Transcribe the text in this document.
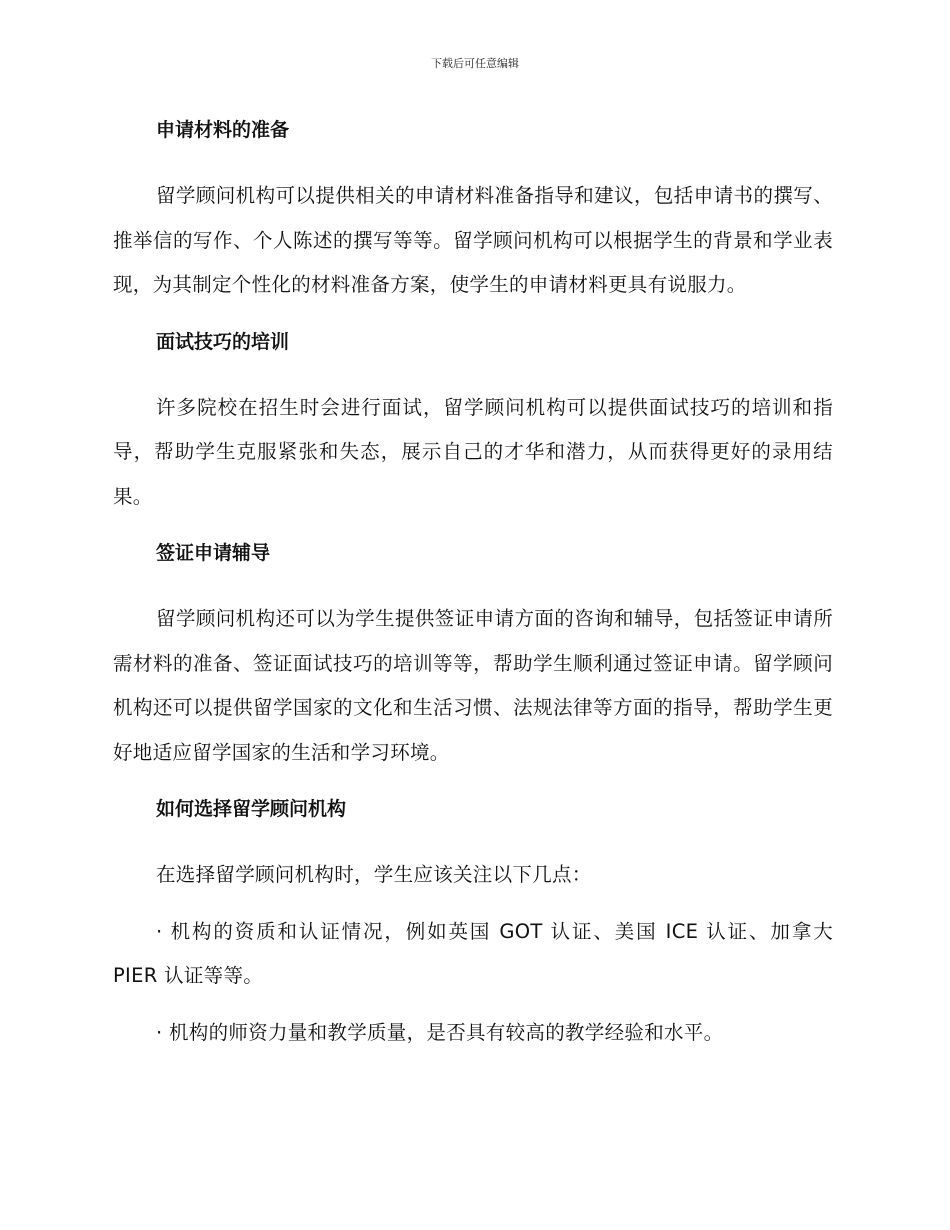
下载后可任意编辑
申请材料的准备

留学顾问机构可以提供相关的申请材料准备指导和建议，包括申请书的撰写、推举信的写作、个人陈述的撰写等等。留学顾问机构可以根据学生的背景和学业表现，为其制定个性化的材料准备方案，使学生的申请材料更具有说服力。

面试技巧的培训

许多院校在招生时会进行面试，留学顾问机构可以提供面试技巧的培训和指导，帮助学生克服紧张和失态，展示自己的才华和潜力，从而获得更好的录用结果。

签证申请辅导

留学顾问机构还可以为学生提供签证申请方面的咨询和辅导，包括签证申请所需材料的准备、签证面试技巧的培训等等，帮助学生顺利通过签证申请。留学顾问机构还可以提供留学国家的文化和生活习惯、法规法律等方面的指导，帮助学生更好地适应留学国家的生活和学习环境。

如何选择留学顾问机构

在选择留学顾问机构时，学生应该关注以下几点：

· 机构的资质和认证情况，例如英国 GOT 认证、美国 ICE 认证、加拿大 PIER 认证等等。

· 机构的师资力量和教学质量，是否具有较高的教学经验和水平。
